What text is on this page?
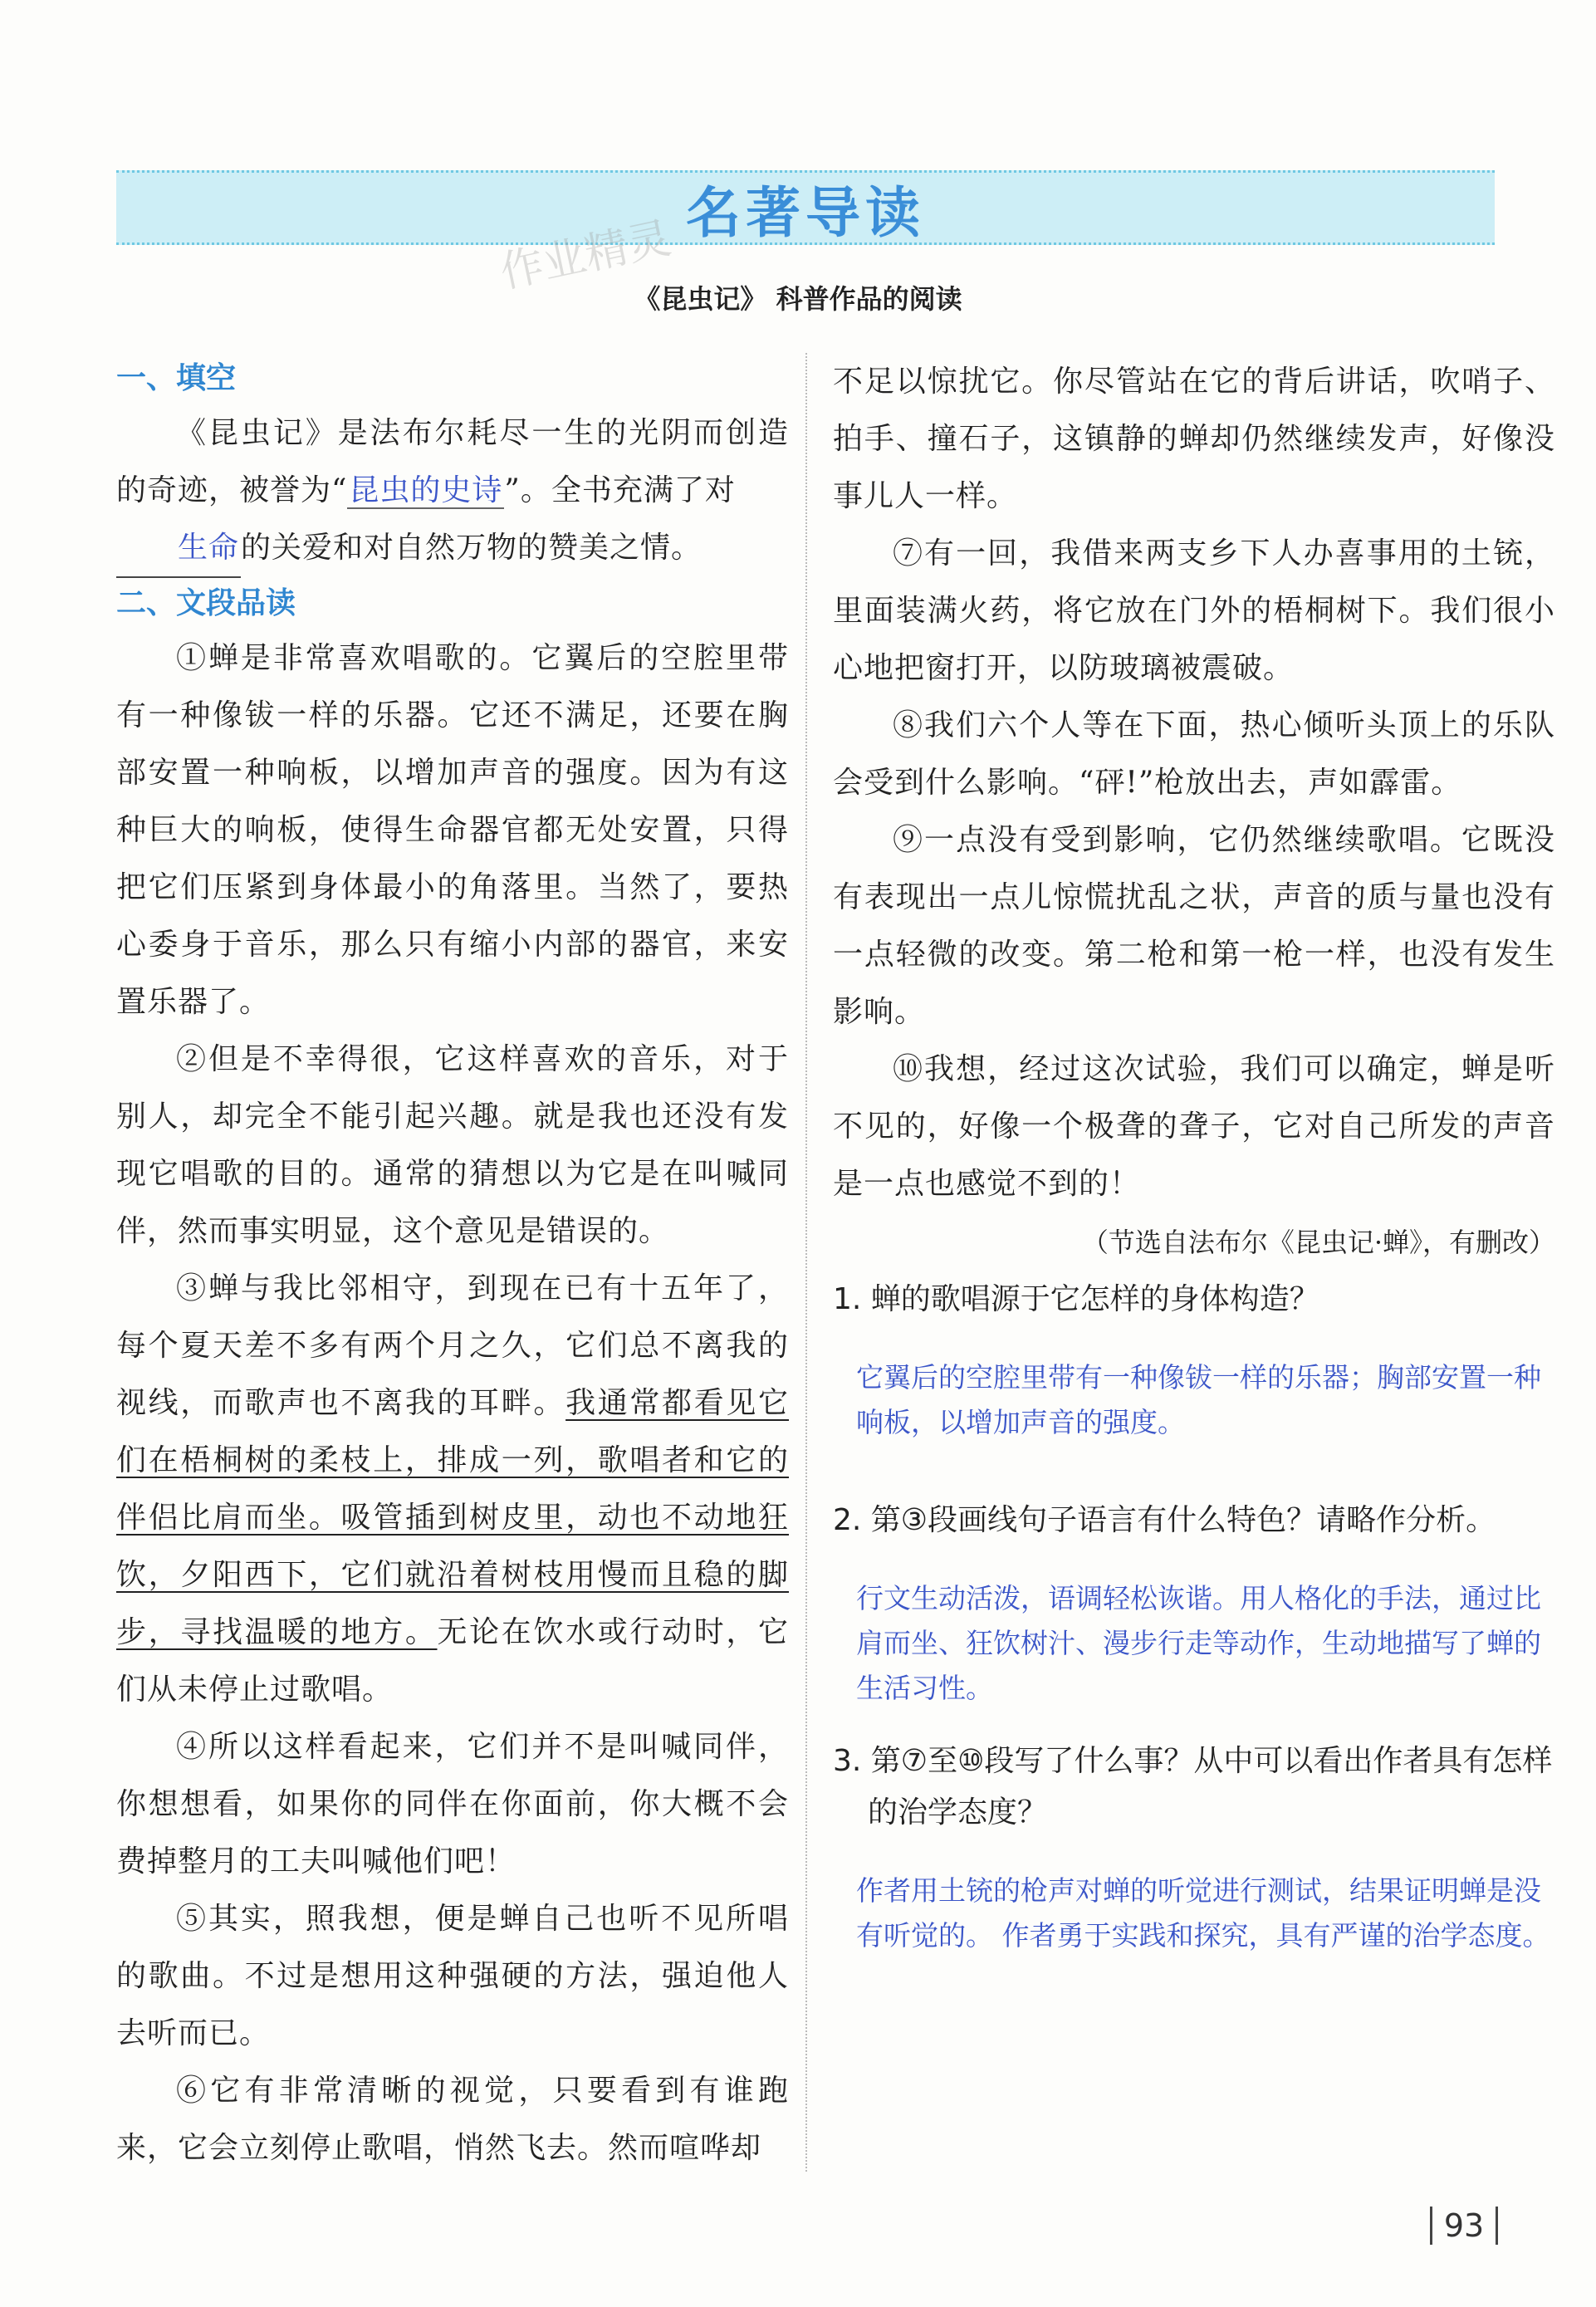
名著导读
作业精灵
《昆虫记》 科普作品的阅读
一、填空

《昆虫记》是法布尔耗尽一生的光阴而创造的奇迹，被誉为“昆虫的史诗”。全书充满了对
生命的关爱和对自然万物的赞美之情。

二、文段品读

①蝉是非常喜欢唱歌的。它翼后的空腔里带有一种像钹一样的乐器。它还不满足，还要在胸部安置一种响板，以增加声音的强度。因为有这种巨大的响板，使得生命器官都无处安置，只得把它们压紧到身体最小的角落里。当然了，要热心委身于音乐，那么只有缩小内部的器官，来安置乐器了。

②但是不幸得很，它这样喜欢的音乐，对于别人，却完全不能引起兴趣。就是我也还没有发现它唱歌的目的。通常的猜想以为它是在叫喊同伴，然而事实明显，这个意见是错误的。

③蝉与我比邻相守，到现在已有十五年了，每个夏天差不多有两个月之久，它们总不离我的视线，而歌声也不离我的耳畔。我通常都看见它们在梧桐树的柔枝上，排成一列，歌唱者和它的伴侣比肩而坐。吸管插到树皮里，动也不动地狂饮，夕阳西下，它们就沿着树枝用慢而且稳的脚步，寻找温暖的地方。无论在饮水或行动时，它们从未停止过歌唱。

④所以这样看起来，它们并不是叫喊同伴，你想想看，如果你的同伴在你面前，你大概不会费掉整月的工夫叫喊他们吧！

⑤其实，照我想，便是蝉自己也听不见所唱的歌曲。不过是想用这种强硬的方法，强迫他人去听而已。

⑥它有非常清晰的视觉，只要看到有谁跑来，它会立刻停止歌唱，悄然飞去。然而喧哗却

不足以惊扰它。你尽管站在它的背后讲话，吹哨子、拍手、撞石子，这镇静的蝉却仍然继续发声，好像没事儿人一样。

⑦有一回，我借来两支乡下人办喜事用的土铳，里面装满火药，将它放在门外的梧桐树下。我们很小心地把窗打开，以防玻璃被震破。

⑧我们六个人等在下面，热心倾听头顶上的乐队会受到什么影响。“砰!”枪放出去，声如霹雷。

⑨一点没有受到影响，它仍然继续歌唱。它既没有表现出一点儿惊慌扰乱之状，声音的质与量也没有一点轻微的改变。第二枪和第一枪一样，也没有发生影响。

⑩我想，经过这次试验，我们可以确定，蝉是听不见的，好像一个极聋的聋子，它对自己所发的声音是一点也感觉不到的！

（节选自法布尔《昆虫记·蝉》，有删改）

1. 蝉的歌唱源于它怎样的身体构造？

它翼后的空腔里带有一种像钹一样的乐器；胸部安置一种响板，以增加声音的强度。

2. 第③段画线句子语言有什么特色？请略作分析。

行文生动活泼，语调轻松诙谐。用人格化的手法，通过比肩而坐、狂饮树汁、漫步行走等动作，生动地描写了蝉的生活习性。

3. 第⑦至⑩段写了什么事？从中可以看出作者具有怎样的治学态度？

作者用土铳的枪声对蝉的听觉进行测试，结果证明蝉是没有听觉的。 作者勇于实践和探究，具有严谨的治学态度。

93
